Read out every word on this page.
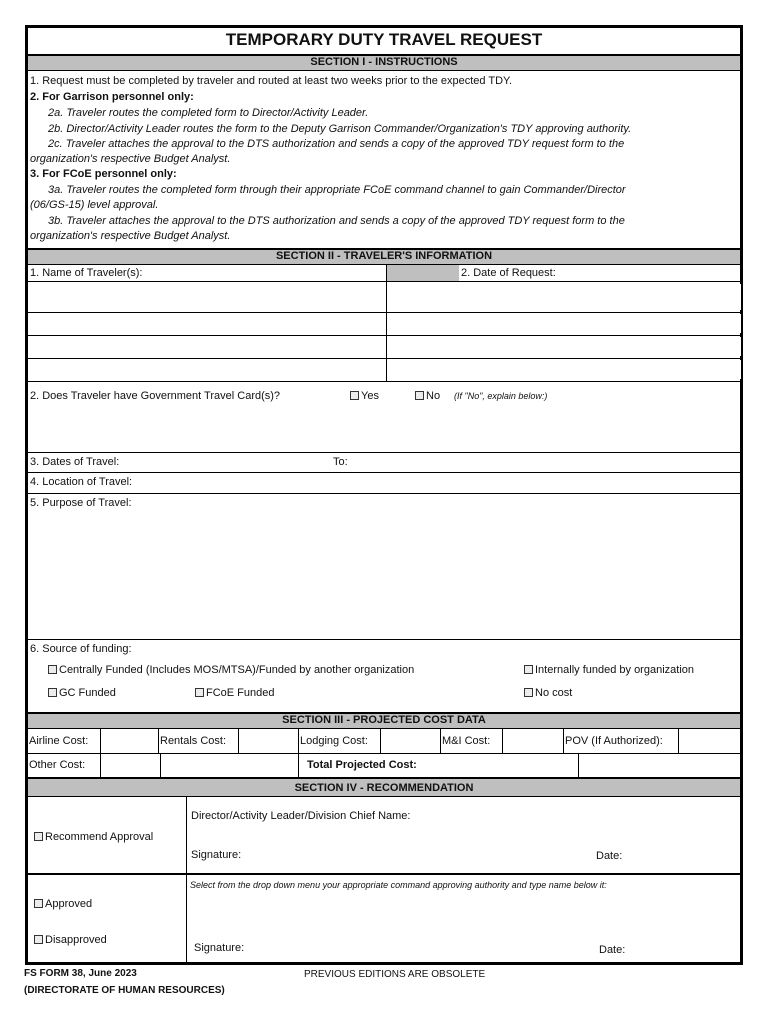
TEMPORARY DUTY TRAVEL REQUEST
SECTION I - INSTRUCTIONS
1. Request must be completed by traveler and routed at least two weeks prior to the expected TDY.
2. For Garrison personnel only:
2a. Traveler routes the completed form to Director/Activity Leader.
2b. Director/Activity Leader routes the form to the Deputy Garrison Commander/Organization's TDY approving authority.
2c. Traveler attaches the approval to the DTS authorization and sends a copy of the approved TDY request form to the
organization's respective Budget Analyst.
3. For FCoE personnel only:
3a. Traveler routes the completed form through their appropriate FCoE command channel to gain Commander/Director
(06/GS-15) level approval.
3b. Traveler attaches the approval to the DTS authorization and sends a copy of the approved TDY request form to the
organization's respective Budget Analyst.
SECTION II - TRAVELER'S INFORMATION
1. Name of Traveler(s):	2. Date of Request:
2. Does Traveler have Government Travel Card(s)?	Yes	No (If "No", explain below:)
3. Dates of Travel:	To:
4. Location of Travel:
5. Purpose of Travel:
6. Source of funding:
Centrally Funded (Includes MOS/MTSA)/Funded by another organization	Internally funded by organization
GC Funded	FCoE Funded	No cost
SECTION III - PROJECTED COST DATA
Airline Cost:	Rentals Cost:	Lodging Cost:	M&I Cost:	POV (If Authorized):
Other Cost:	Total Projected Cost:
SECTION IV - RECOMMENDATION
Recommend Approval
Director/Activity Leader/Division Chief Name:
Signature:	Date:
Select from the drop down menu your appropriate command approving authority and type name below it:
Approved
Disapproved
Signature:	Date:
FS FORM 38, June 2023
(DIRECTORATE OF HUMAN RESOURCES)
PREVIOUS EDITIONS ARE OBSOLETE
